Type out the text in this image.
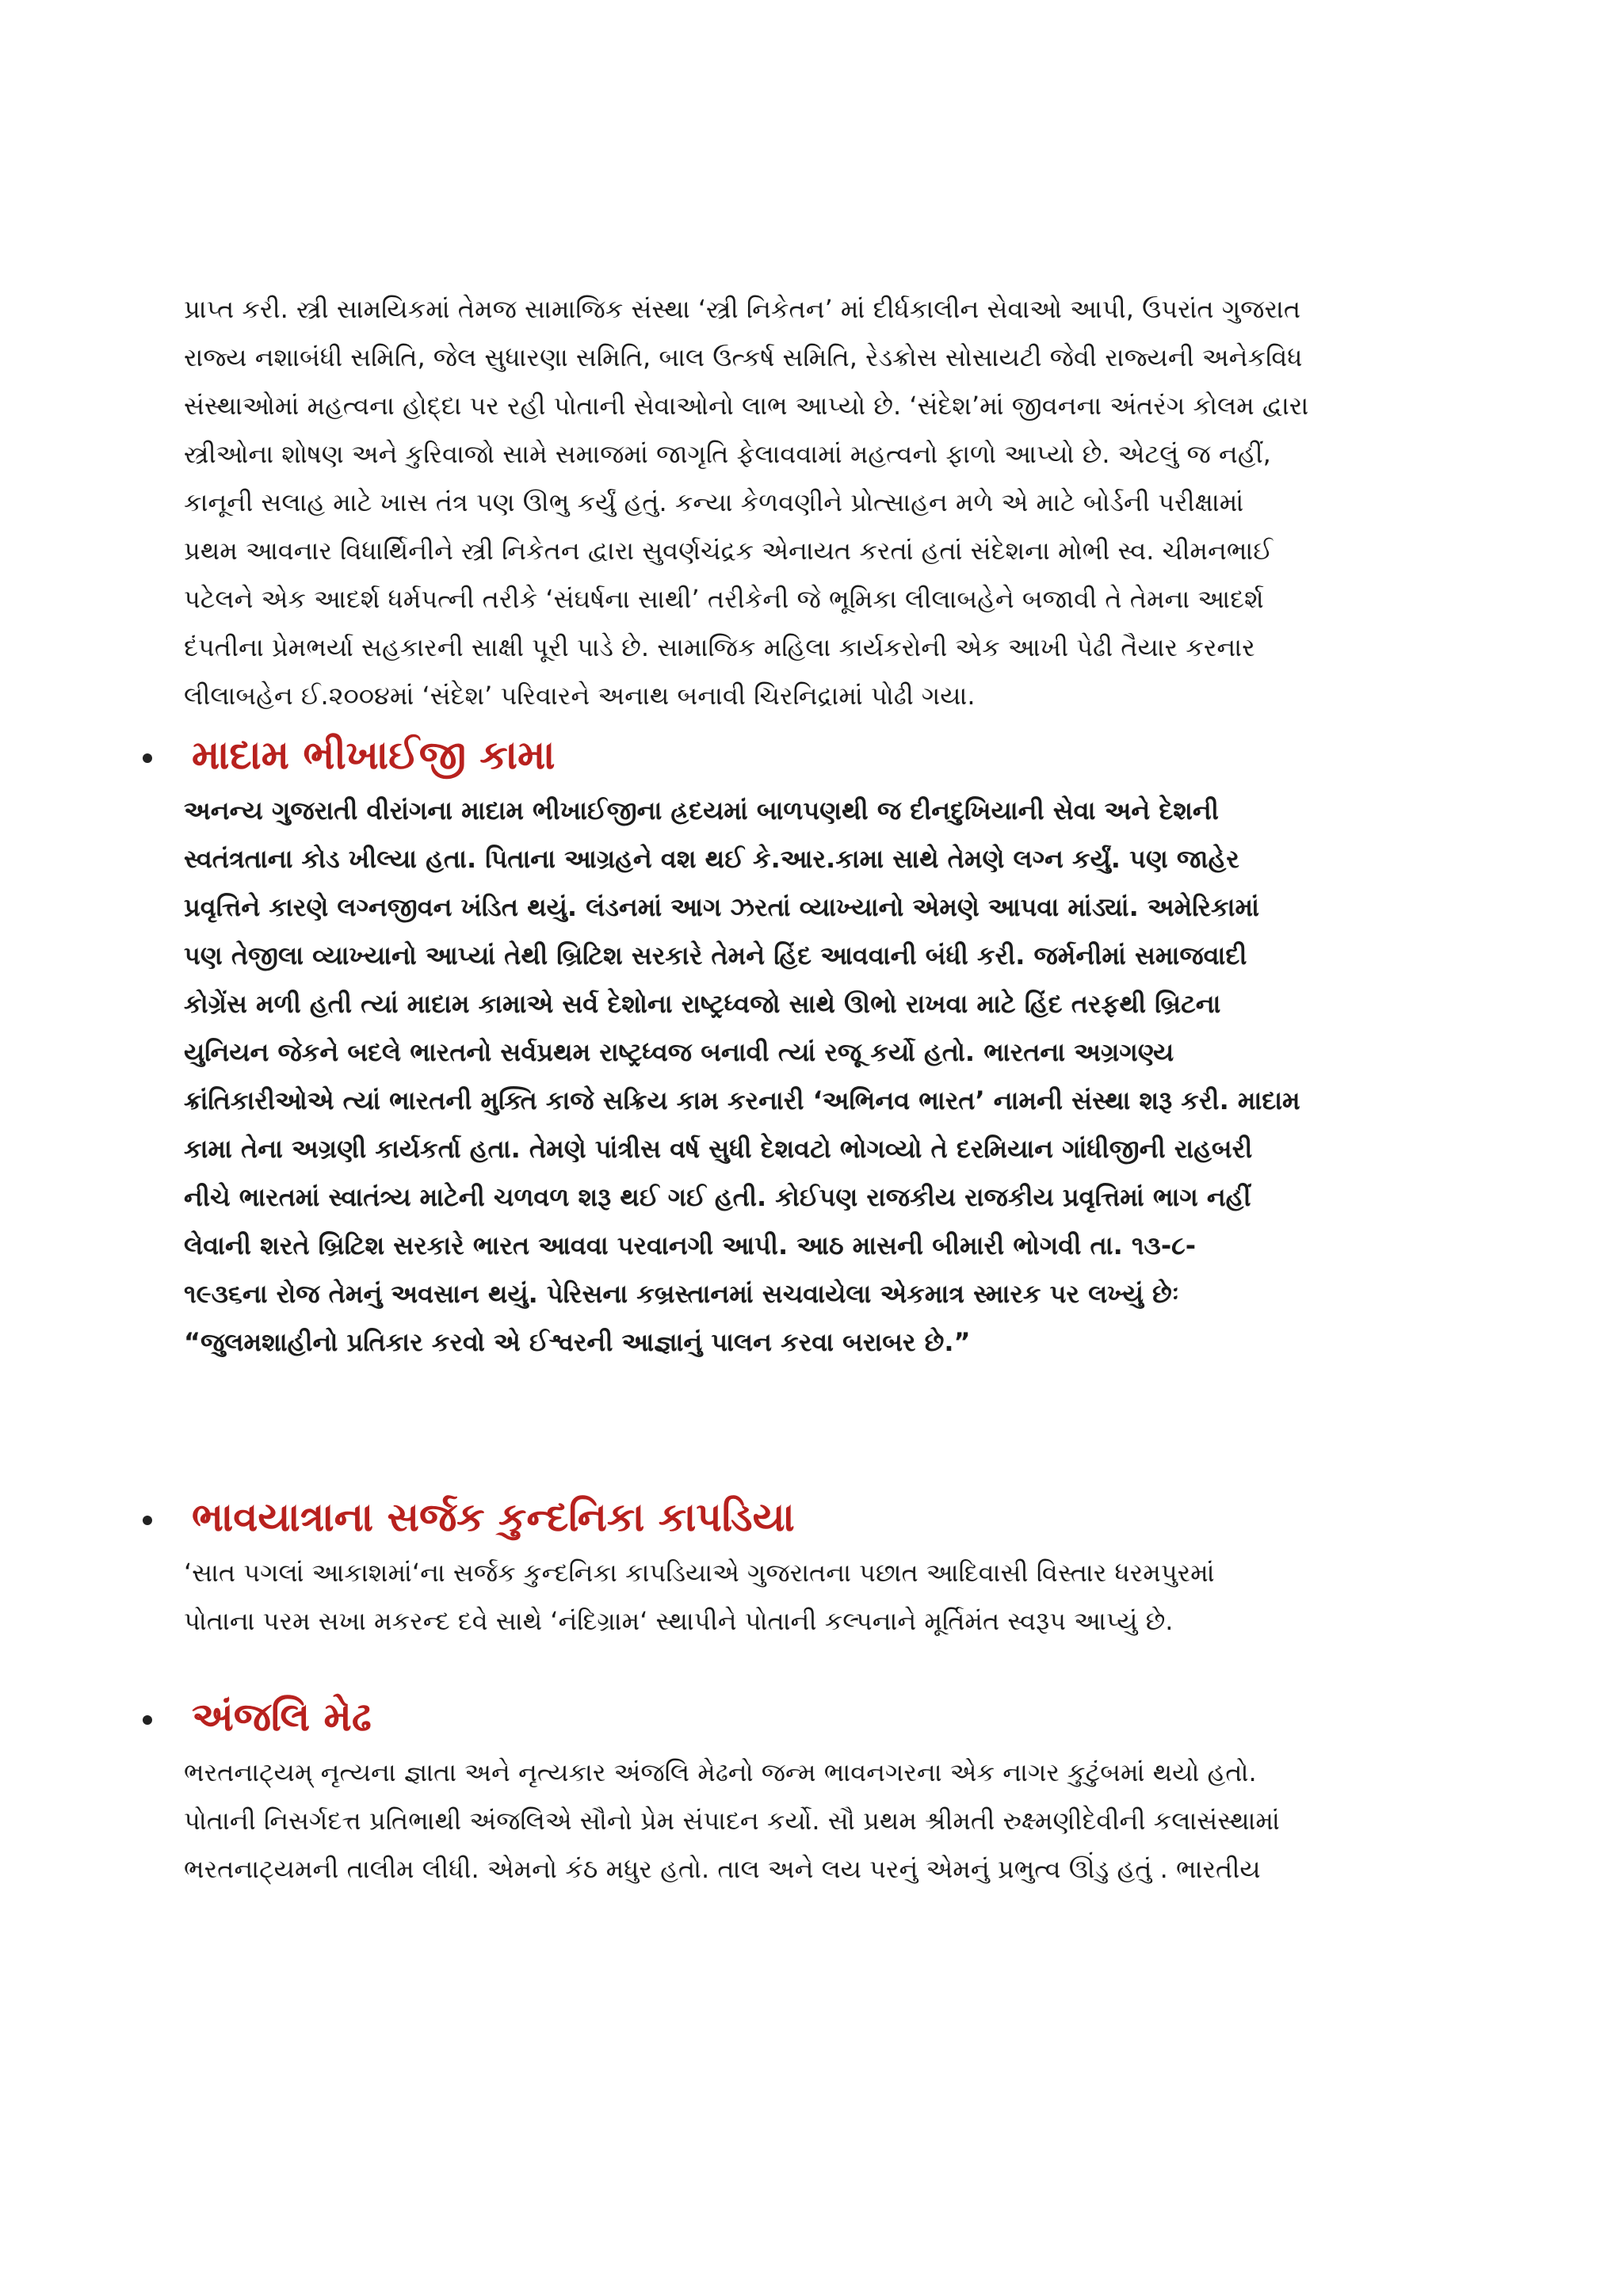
પ્રાપ્ત કરી. સ્ત્રી સામયિકમાં તેમજ સામાજિક સંસ્થા ‘સ્ત્રી નિકેતન’ માં દીર્ધકાલીન સેવાઓ આપી, ઉપરાંત ગુજરાત

રાજ્ય નશાબંધી સમિતિ, જેલ સુધારણા સમિતિ, બાલ ઉત્કર્ષ સમિતિ, રેડક્રોસ સોસાયટી જેવી રાજ્યની અનેકવિધ

સંસ્થાઓમાં મહત્વના હોદ્દા પર રહી પોતાની સેવાઓનો લાભ આપ્યો છે. ‘સંદેશ’માં જીવનના અંતરંગ કોલમ દ્વારા

સ્ત્રીઓના શોષણ અને કુરિવાજો સામે સમાજમાં જાગૃતિ ફેલાવવામાં મહત્વનો ફાળો આપ્યો છે. એટલું જ નહીં,

કાનૂની સલાહ માટે ખાસ તંત્ર પણ ઊભુ કર્યું હતું. કન્યા કેળવણીને પ્રોત્સાહન મળે એ માટે બોર્ડની પરીક્ષામાં

પ્રથમ આવનાર વિધાર્થિનીને સ્ત્રી નિકેતન દ્વારા સુવર્ણચંદ્રક એનાયત કરતાં હતાં સંદેશના મોભી સ્વ. ચીમનભાઈ

પટેલને એક આદર્શ ધર્મપત્ની તરીકે ‘સંઘર્ષના સાથી’ તરીકેની જે ભૂમિકા લીલાબહેને બજાવી તે તેમના આદર્શ

દંપતીના પ્રેમભર્યા સહકારની સાક્ષી પૂરી પાડે છે. સામાજિક મહિલા કાર્યકરોની એક આખી પેઢી તૈયાર કરનાર

લીલાબહેન ઈ.૨૦૦૪માં ‘સંદેશ’ પરિવારને અનાથ બનાવી ચિરનિદ્રામાં પોઢી ગયા.

માદામ ભીખાઈજી કામા

અનન્ય ગુજરાતી વીરાંગના માદામ ભીખાઈજીના હ્રદયમાં બાળપણથી જ દીનદુખિયાની સેવા અને દેશની

સ્વતંત્રતાના કોડ ખીલ્યા હતા. પિતાના આગ્રહને વશ થઈ કે.આર.કામા સાથે તેમણે લગ્ન કર્યું. પણ જાહેર

પ્રવૃત્તિને કારણે લગ્નજીવન ખંડિત થયું. લંડનમાં આગ ઝરતાં વ્યાખ્યાનો એમણે આપવા માંડ્યાં. અમેરિકામાં

પણ તેજીલા વ્યાખ્યાનો આપ્યાં તેથી બ્રિટિશ સરકારે તેમને હિંદ આવવાની બંધી કરી. જર્મનીમાં સમાજવાદી

કોગ્રેંસ મળી હતી ત્યાં માદામ કામાએ સર્વ દેશોના રાષ્ટ્રધ્વજો સાથે ઊભો રાખવા માટે હિંદ તરફથી બ્રિટના

યુનિયન જેકને બદલે ભારતનો સર્વપ્રથમ રાષ્ટ્રધ્વજ બનાવી ત્યાં રજૂ કર્યો હતો. ભારતના અગ્રગણ્ય

ક્રાંતિકારીઓએ ત્યાં ભારતની મુક્તિ કાજે સક્રિય કામ કરનારી ‘અભિનવ ભારત’ નામની સંસ્થા શરૂ કરી. માદામ

કામા તેના અગ્રણી કાર્યકર્તા હતા. તેમણે પાંત્રીસ વર્ષ સુધી દેશવટો ભોગવ્યો તે દરમિયાન ગાંધીજીની રાહબરી

નીચે ભારતમાં સ્વાતંત્ર્ય માટેની ચળવળ શરૂ થઈ ગઈ હતી. કોઈપણ રાજકીય રાજકીય પ્રવૃત્તિમાં ભાગ નહીં

લેવાની શરતે બ્રિટિશ સરકારે ભારત આવવા પરવાનગી આપી. આઠ માસની બીમારી ભોગવી તા. ૧૩-૮-

૧૯૩૬ના રોજ તેમનું અવસાન થયું. પેરિસના કબ્રસ્તાનમાં સચવાયેલા એકમાત્ર સ્મારક પર લખ્યું છેઃ

“જુલમશાહીનો પ્રતિકાર કરવો એ ઈશ્વરની આજ્ઞાનું પાલન કરવા બરાબર છે.”

ભાવયાત્રાના સર્જક કુન્દનિકા કાપડિયા

‘સાત પગલાં આકાશમાં‘ના સર્જક કુન્દનિકા કાપડિયાએ ગુજરાતના પછાત આદિવાસી વિસ્તાર ધરમપુરમાં

પોતાના પરમ સખા મકરન્દ દવે સાથે ‘નંદિગ્રામ‘ સ્થાપીને પોતાની કલ્પનાને મૂર્તિમંત સ્વરૂપ આપ્યું છે.

અંજલિ મેઢ

ભરતનાટ્યમ્ નૃત્યના જ્ઞાતા અને નૃત્યકાર અંજલિ મેઢનો જન્મ ભાવનગરના એક નાગર કુટુંબમાં થયો હતો.

પોતાની નિસર્ગદત્ત પ્રતિભાથી અંજલિએ સૌનો પ્રેમ સંપાદન કર્યો. સૌ પ્રથમ શ્રીમતી રુક્ષ્મણીદેવીની કલાસંસ્થામાં

ભરતનાટ્યમની તાલીમ લીધી. એમનો કંઠ મધુર હતો. તાલ અને લય પરનું એમનું પ્રભુત્વ ઊંડુ હતું . ભારતીય
